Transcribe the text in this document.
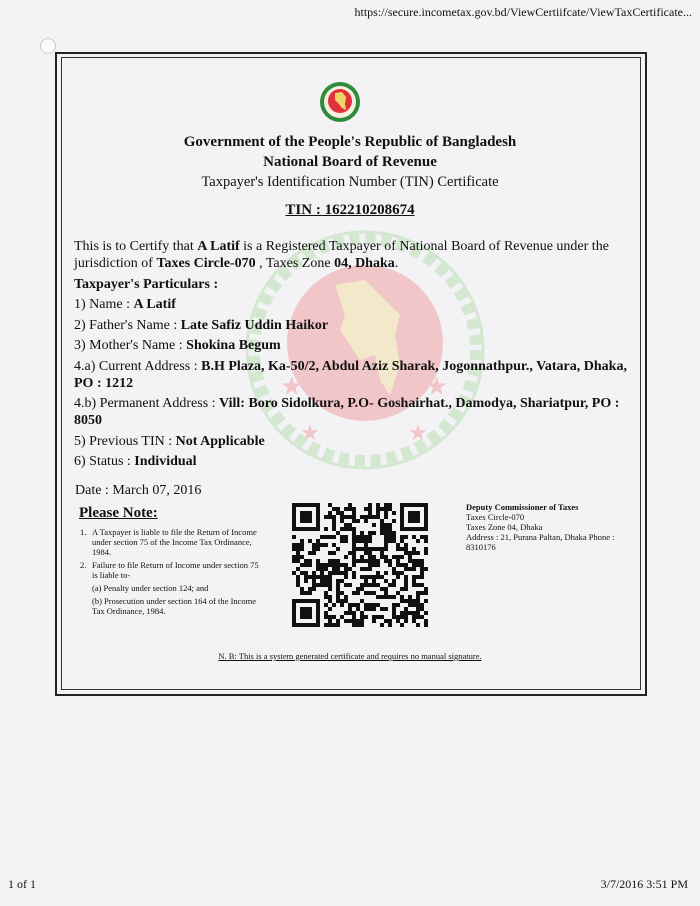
https://secure.incometax.gov.bd/ViewCertiifcate/ViewTaxCertificate...
★	★
★	★
Government of the People's Republic of Bangladesh
National Board of Revenue
Taxpayer's Identification Number (TIN) Certificate
TIN : 162210208674

This is to Certify that A Latif is a Registered Taxpayer of National Board of Revenue under the jurisdiction of Taxes Circle-070 , Taxes Zone 04, Dhaka.

Taxpayer's Particulars :

1) Name : A Latif

2) Father's Name : Late Safiz Uddin Haikor

3) Mother's Name : Shokina Begum

4.a) Current Address : B.H Plaza, Ka-50/2, Abdul Aziz Sharak, Jogonnathpur., Vatara, Dhaka, PO : 1212

4.b) Permanent Address : Vill: Boro Sidolkura, P.O- Goshairhat., Damodya, Shariatpur, PO : 8050

5) Previous TIN : Not Applicable

6) Status : Individual

Date : March 07, 2016
Please Note:
1. A Taxpayer is liable to file the Return of Income under section 75 of the Income Tax Ordinance, 1984.
2. Failure to file Return of Income under section 75 is liable to-
(a) Penalty under section 124; and
(b) Prosecution under section 164 of the Income Tax Ordinance, 1984.
Deputy Commissioner of Taxes
Taxes Circle-070
Taxes Zone 04, Dhaka
Address : 21, Purana Paltan, Dhaka Phone : 8310176
N. B: This is a system generated certificate and requires no manual signature.
1 of 1	3/7/2016 3:51 PM
